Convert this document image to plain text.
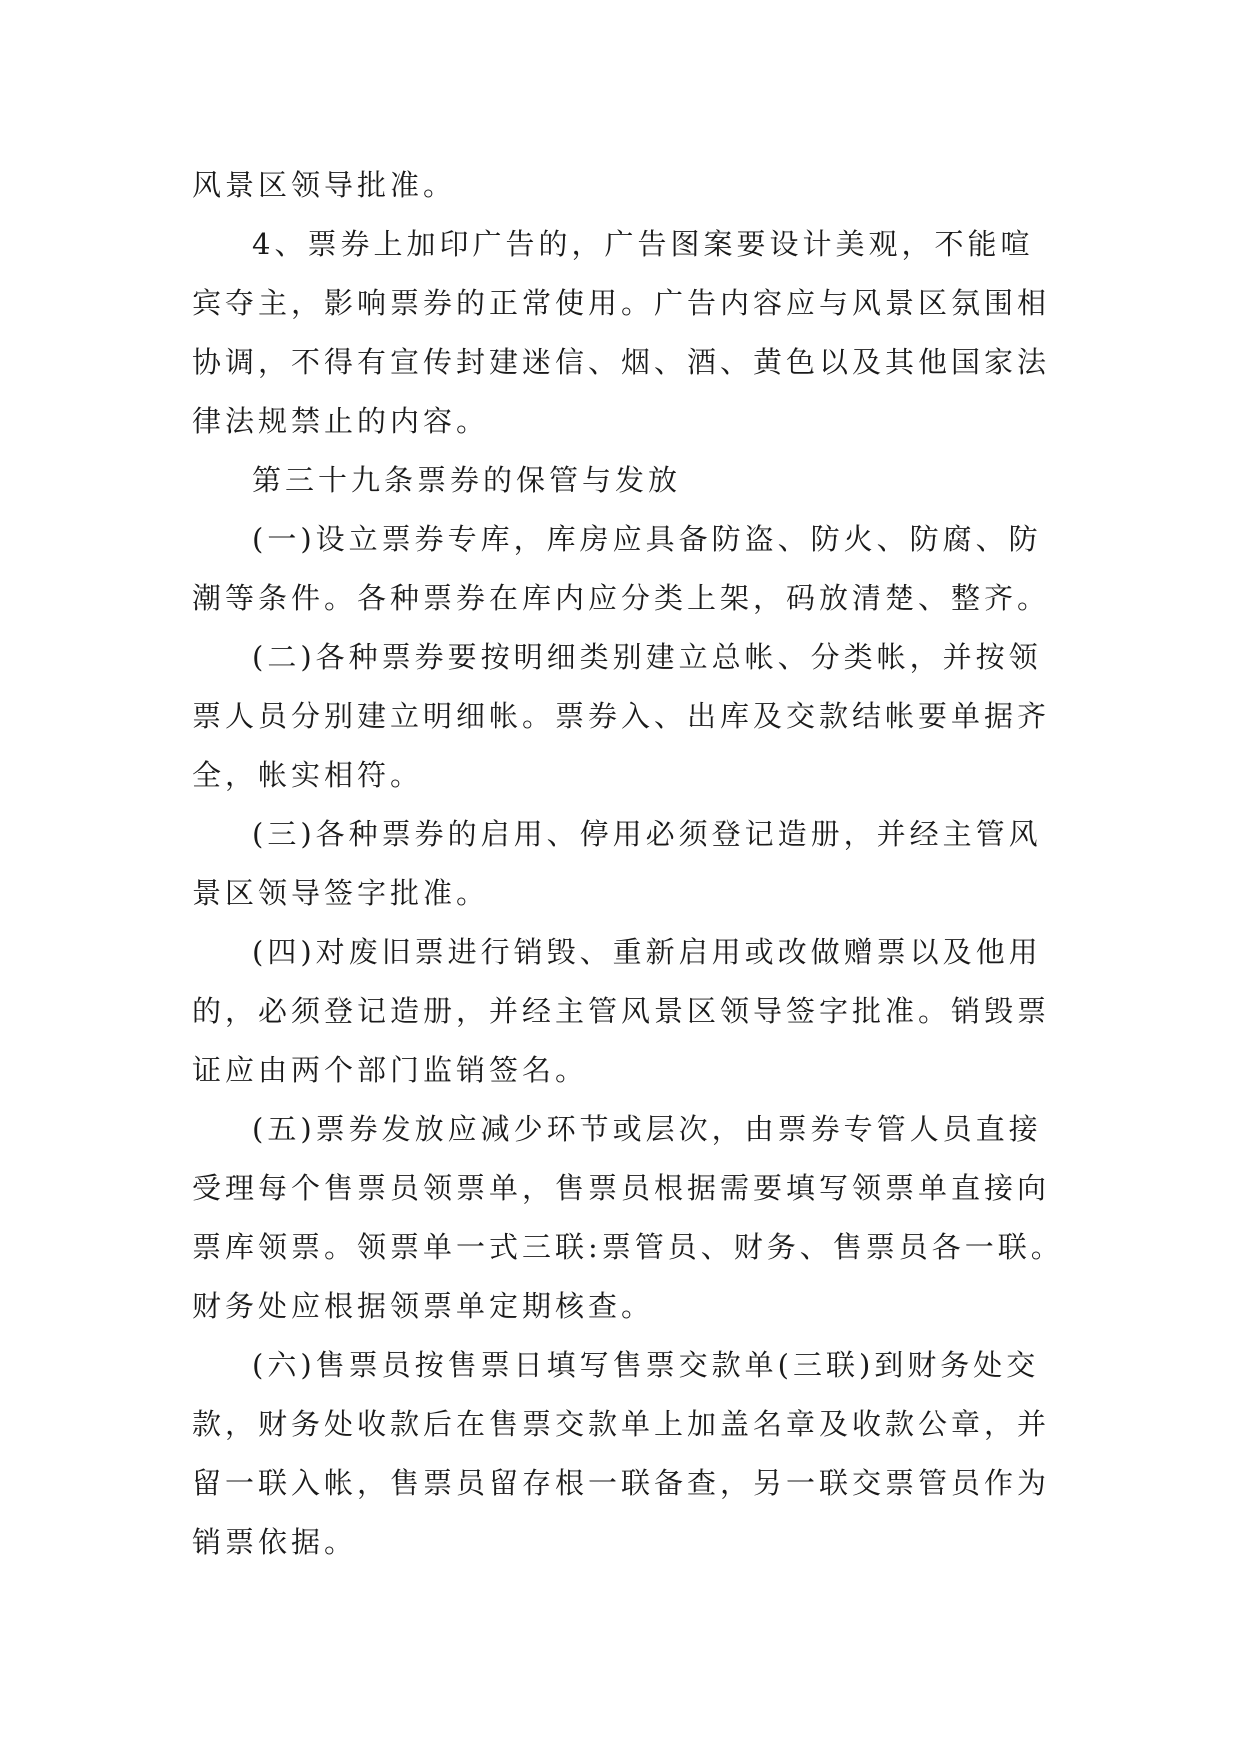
风景区领导批准。
4、票券上加印广告的，广告图案要设计美观，不能喧
宾夺主，影响票券的正常使用。广告内容应与风景区氛围相
协调，不得有宣传封建迷信、烟、酒、黄色以及其他国家法
律法规禁止的内容。
第三十九条票券的保管与发放
(一)设立票券专库，库房应具备防盗、防火、防腐、防
潮等条件。各种票券在库内应分类上架，码放清楚、整齐。
(二)各种票券要按明细类别建立总帐、分类帐，并按领
票人员分别建立明细帐。票券入、出库及交款结帐要单据齐
全，帐实相符。
(三)各种票券的启用、停用必须登记造册，并经主管风
景区领导签字批准。
(四)对废旧票进行销毁、重新启用或改做赠票以及他用
的，必须登记造册，并经主管风景区领导签字批准。销毁票
证应由两个部门监销签名。
(五)票券发放应减少环节或层次，由票券专管人员直接
受理每个售票员领票单，售票员根据需要填写领票单直接向
票库领票。领票单一式三联:票管员、财务、售票员各一联。
财务处应根据领票单定期核查。
(六)售票员按售票日填写售票交款单(三联)到财务处交
款，财务处收款后在售票交款单上加盖名章及收款公章，并
留一联入帐，售票员留存根一联备查，另一联交票管员作为
销票依据。
